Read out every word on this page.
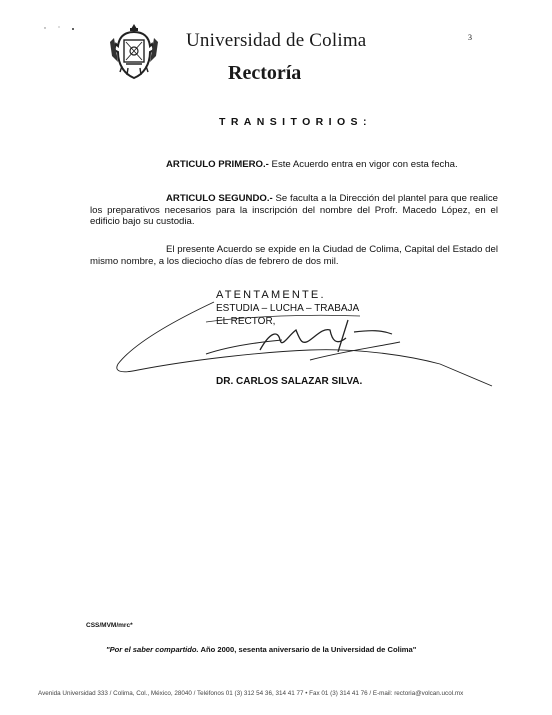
Universidad de Colima
Rectoría
3
TRANSITORIOS:
ARTICULO PRIMERO.- Este Acuerdo entra en vigor con esta fecha.
ARTICULO SEGUNDO.- Se faculta a la Dirección del plantel para que realice los preparativos necesarios para la inscripción del nombre del Profr. Macedo López, en el edificio bajo su custodia.
El presente Acuerdo se expide en la Ciudad de Colima, Capital del Estado del mismo nombre, a los dieciocho días de febrero de dos mil.
ATENTAMENTE.
ESTUDIA – LUCHA – TRABAJA
EL RECTOR,
DR. CARLOS SALAZAR SILVA.
CSS/MVM/mrc*
"Por el saber compartido. Año 2000, sesenta aniversario de la Universidad de Colima"
Avenida Universidad 333 / Colima, Col., México, 28040 / Teléfonos 01 (3) 312 54 36, 314 41 77 • Fax 01 (3) 314 41 76 / E-mail: rectoria@volcan.ucol.mx
